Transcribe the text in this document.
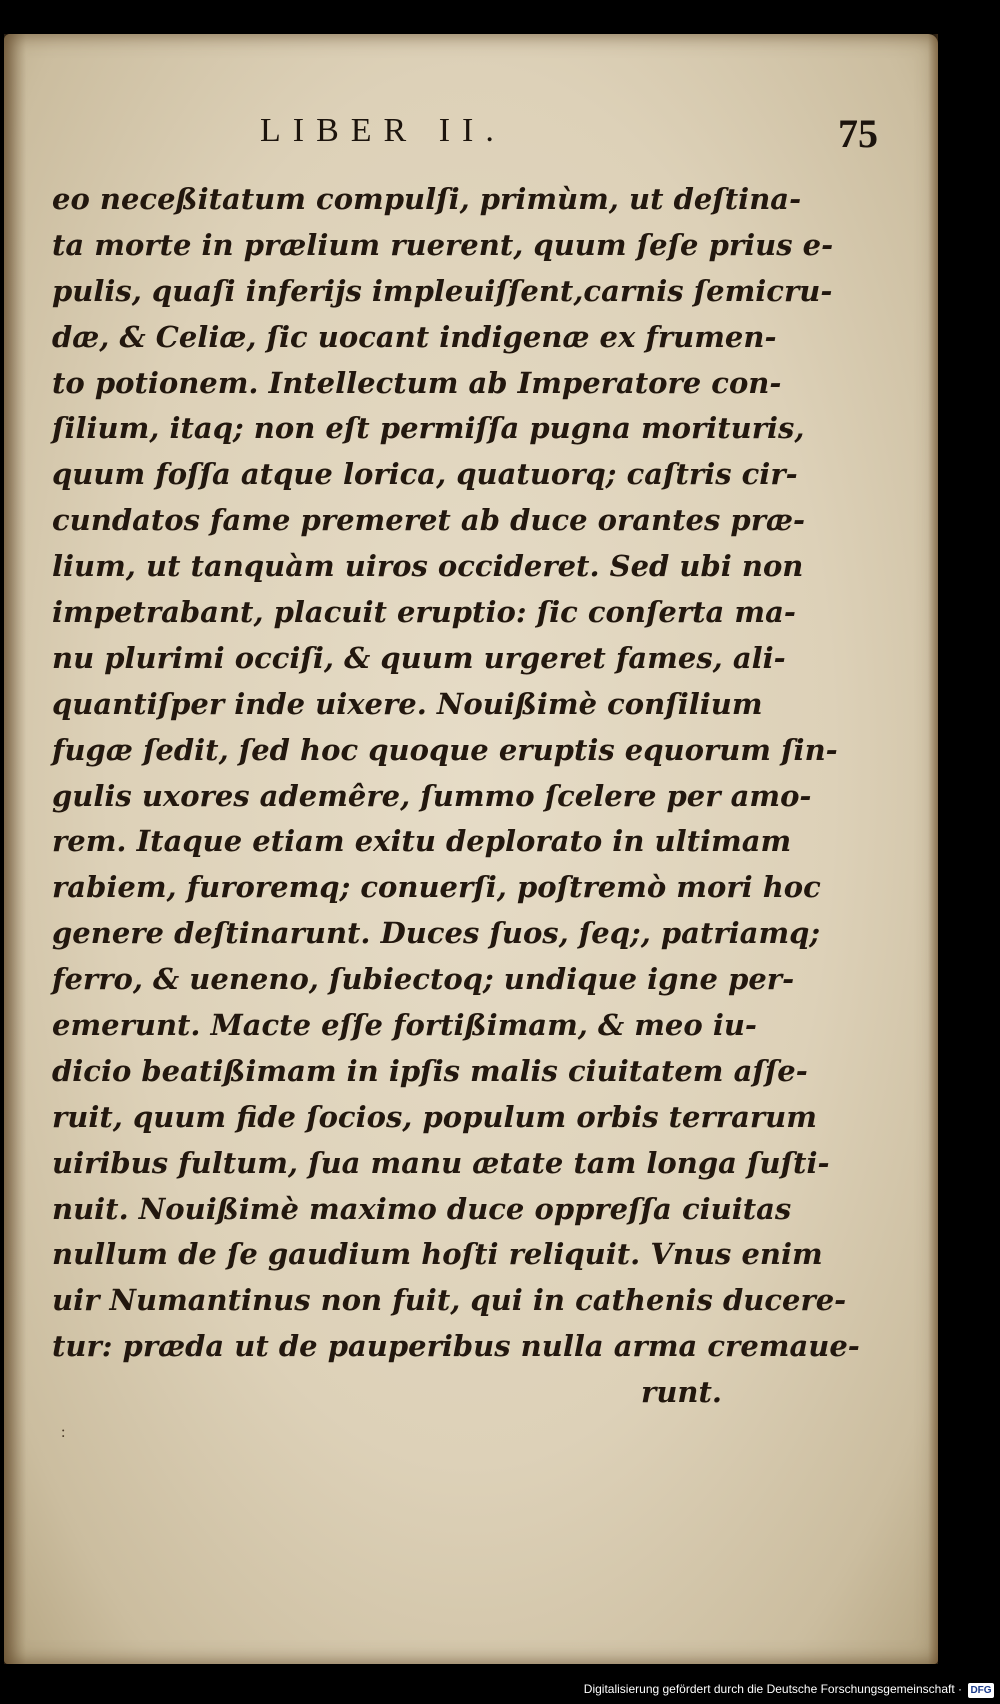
LIBER II.	75
eo neceßitatum compulſi, primùm, ut deſtina-
ta morte in prælium ruerent, quum ſeſe prius e-
pulis, quaſi inferijs impleuiſſent,carnis ſemicru-
dæ, & Celiæ, ſic uocant indigenæ ex frumen-
to potionem. Intellectum ab Imperatore con-
ſilium, itaq; non eſt permiſſa pugna morituris,
quum foſſa atque lorica, quatuorq; caſtris cir-
cundatos fame premeret ab duce orantes præ-
lium, ut tanquàm uiros occideret. Sed ubi non
impetrabant, placuit eruptio: ſic conſerta ma-
nu plurimi occiſi, & quum urgeret fames, ali-
quantiſper inde uixere. Nouißimè conſilium
fugæ ſedit, ſed hoc quoque eruptis equorum ſin-
gulis uxores ademêre, ſummo ſcelere per amo-
rem. Itaque etiam exitu deplorato in ultimam
rabiem, furoremq; conuerſi, poſtremò mori hoc
genere deſtinarunt. Duces ſuos, ſeq;, patriamq;
ferro, & ueneno, ſubiectoq; undique igne per-
emerunt. Macte eſſe fortißimam, & meo iu-
dicio beatißimam in ipſis malis ciuitatem aſſe-
ruit, quum fide ſocios, populum orbis terrarum
uiribus fultum, ſua manu ætate tam longa ſuſti-
nuit. Nouißimè maximo duce oppreſſa ciuitas
nullum de ſe gaudium hoſti reliquit. Vnus enim
uir Numantinus non fuit, qui in cathenis ducere-
tur: præda ut de pauperibus nulla arma cremaue-
runt.
:
Digitalisierung gefördert durch die Deutsche Forschungsgemeinschaft · DFG
